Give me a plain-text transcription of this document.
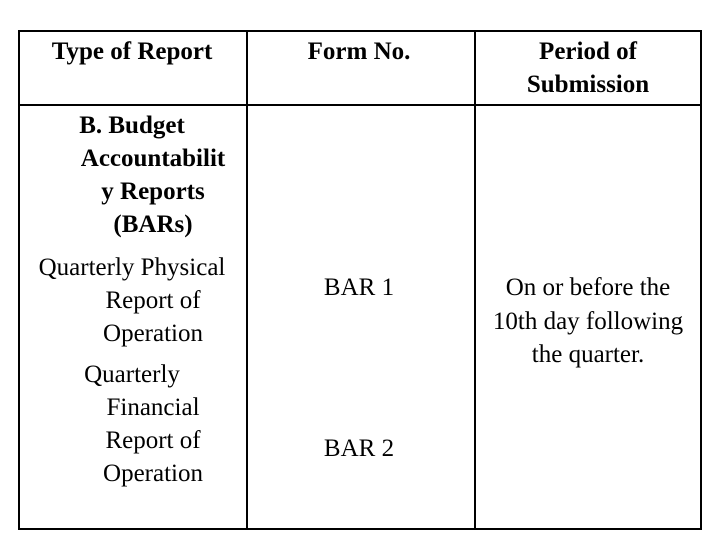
Type of Report	Form No.	Period of
Submission
B. Budget
Accountabilit
y Reports
(BARs)
Quarterly Physical
Report of
Operation
Quarterly
Financial
Report of
Operation
BAR 1
BAR 2
On or before the
10th day following
the quarter.
